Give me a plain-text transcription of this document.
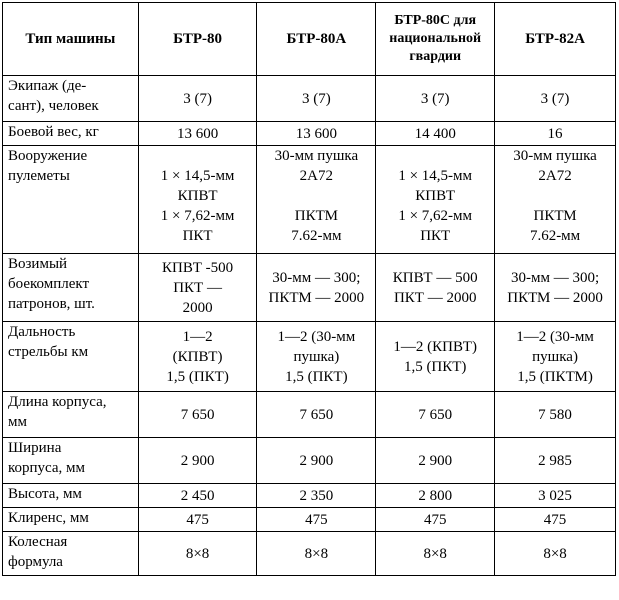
Тип машины	БТР-80	БТР-80А	БТР-80С для национальной гвардии	БТР-82А

Экипаж (де-
сант), человек	3 (7)	3 (7)	3 (7)	3 (7)

Боевой вес, кг	13 600	13 600	14 400	16

Вооружение
пулеметы	1 × 14,5-мм
КПВТ
1 × 7,62-мм
ПКТ	30-мм пушка
2А72
ПКТМ
7.62-мм	1 × 14,5-мм
КПВТ
1 × 7,62-мм
ПКТ	30-мм пушка
2А72
ПКТМ
7.62-мм

Возимый
боекомплект
патронов, шт.	КПВТ -500
ПКТ —
2000	30-мм — 300;
ПКТМ — 2000	КПВТ — 500
ПКТ — 2000	30-мм — 300;
ПКТМ — 2000

Дальность
стрельбы км	1—2
(КПВТ)
1,5 (ПКТ)	1—2 (30-мм
пушка)
1,5 (ПКТ)	1—2 (КПВТ)
1,5 (ПКТ)	1—2 (30-мм
пушка)
1,5 (ПКТМ)

Длина корпуса,
мм	7 650	7 650	7 650	7 580

Ширина
корпуса, мм	2 900	2 900	2 900	2 985

Высота, мм	2 450	2 350	2 800	3 025

Клиренс, мм	475	475	475	475

Колесная
формула	8×8	8×8	8×8	8×8
